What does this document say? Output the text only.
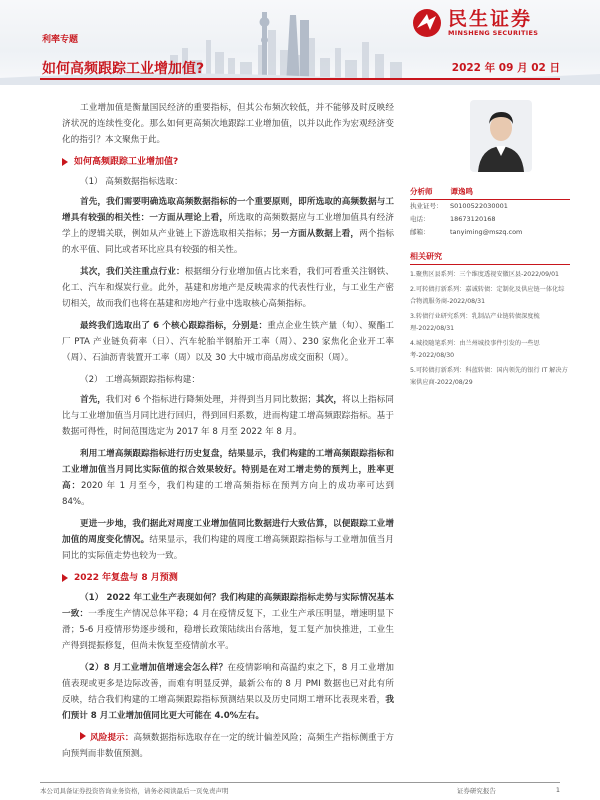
民生证券
MINSHENG SECURITIES
利率专题
如何高频跟踪工业增加值?	2022 年 09 月 02 日
工业增加值是衡量国民经济的重要指标，但其公布频次较低，并不能够及时反映经济状况的连续性变化。那么如何更高频次地跟踪工业增加值，以并以此作为宏观经济变化的指引？本文聚焦于此。
如何高频跟踪工业增加值?
（1） 高频数据指标选取：
首先，我们需要明确选取高频数据指标的一个重要原则，即所选取的高频数据与工增具有较强的相关性：一方面从理论上看，所选取的高频数据应与工业增加值具有经济学上的逻辑关联，例如从产业链上下游选取相关指标；另一方面从数据上看，两个指标的水平值、同比或者环比应具有较强的相关性。
其次，我们关注重点行业：根据细分行业增加值占比来看，我们可看重关注钢铁、化工、汽车和煤炭行业。此外，基建和房地产是反映需求的代表性行业，与工业生产密切相关，故而我们也将在基建和房地产行业中选取核心高频指标。
最终我们选取出了 6 个核心跟踪指标，分别是：重点企业生铁产量（旬）、聚酯工厂 PTA 产业链负荷率（日）、汽车轮胎半钢胎开工率（周）、230 家焦化企业开工率（周）、石油沥青装置开工率（周）以及 30 大中城市商品房成交面积（周）。
（2） 工增高频跟踪指标构建：
首先，我们对 6 个指标进行降频处理，并得到当月同比数据；其次，将以上指标同比与工业增加值当月同比进行回归，得到回归系数，进而构建工增高频跟踪指标。基于数据可得性，时间范围选定为 2017 年 8 月至 2022 年 8 月。
利用工增高频跟踪指标进行历史复盘，结果显示，我们构建的工增高频跟踪指标和工业增加值当月同比实际值的拟合效果较好。特别是在对工增走势的预判上，胜率更高：2020 年 1 月至今，我们构建的工增高频指标在预判方向上的成功率可达到 84%。
更进一步地，我们据此对周度工业增加值同比数据进行大致估算，以便跟踪工业增加值的周度变化情况。结果显示，我们构建的周度工增高频跟踪指标与工业增加值当月同比的实际值走势也较为一致。
2022 年复盘与 8 月预测
（1） 2022 年工业生产表现如何？我们构建的高频跟踪指标走势与实际情况基本一致：一季度生产情况总体平稳；4 月在疫情反复下，工业生产承压明显，增速明显下滑；5-6 月疫情形势逐步缓和，稳增长政策陆续出台落地，复工复产加快推进，工业生产得到提振修复，但尚未恢复至疫情前水平。
（2）8 月工业增加值增速会怎么样？在疫情影响和高温约束之下，8 月工业增加值表现或更多是边际改善，而难有明显反弹，最新公布的 8 月 PMI 数据也已对此有所反映，结合我们构建的工增高频跟踪指标预测结果以及历史同期工增环比表现来看，我们预计 8 月工业增加值同比更大可能在 4.0%左右。
风险提示：高频数据指标选取存在一定的统计偏差风险；高频生产指标侧重于方向预判而非数值预测。
分析师 谭逸鸣
执业证号： S0100522030001
电话：	18673120168
邮箱：	tanyiming@mszq.com
相关研究
1.聚焦区县系列：三个维度透视安徽区县-2022/09/01
2.可转债打新系列：嘉诚转债：定制化及供应链一体化综合物流服务商-2022/08/31
3.转债行业研究系列：乳制品产业链转债深度梳理-2022/08/31
4.城投随笔系列：由兰州城投事件引发的一些思考-2022/08/30
5.可转债打新系列：科蓝转债：国内领先的银行 IT 解决方案供应商-2022/08/29
本公司具备证券投资咨询业务资格，请务必阅读最后一页免责声明	证券研究报告	1
